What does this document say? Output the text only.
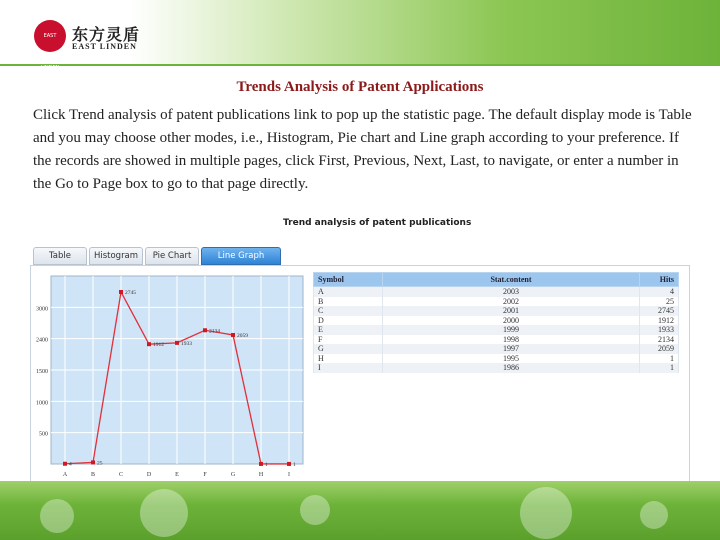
EAST LINDEN
东方灵盾
EAST LINDEN
Trends Analysis of Patent Applications
Click Trend analysis of patent publications link to pop up the statistic page. The default display mode is Table and you may choose other modes, i.e., Histogram, Pie chart and Line graph according to your preference. If the records are showed in multiple pages, click First, Previous, Next, Last, to navigate, or enter a number in the Go to Page box to go to that page directly.
Trend analysis of patent publications
Table	Histogram	Pie Chart	Line Graph
500
1000
1500
2400
3000
A	B	C	D	E	F	G	H	I
4	25
2745
1912	1933
2134
2059
1	1
Symbol	Stat.content	Hits
A	2003	4
B	2002	25
C	2001	2745
D	2000	1912
E	1999	1933
F	1998	2134
G	1997	2059
H	1995	1
I	1986	1
